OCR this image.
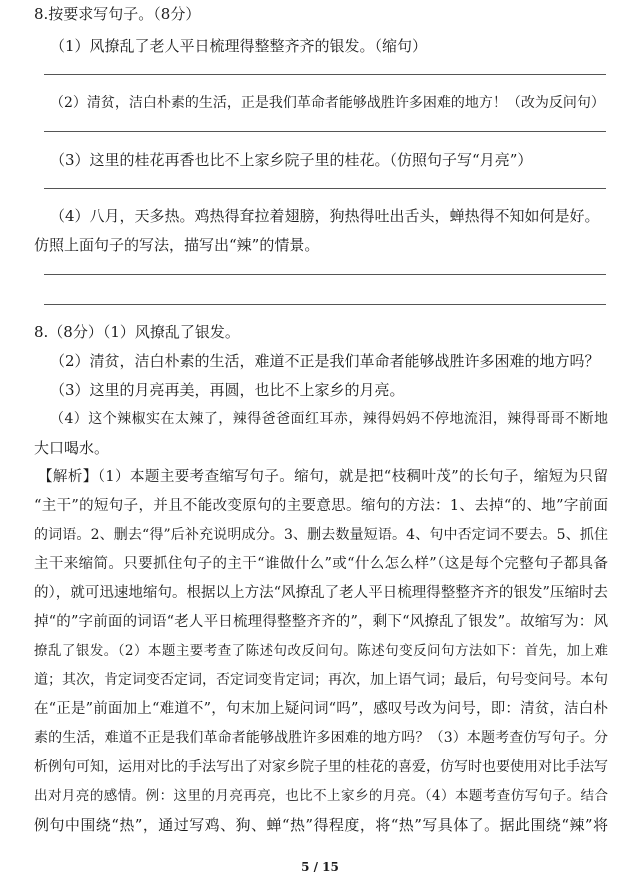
8.按要求写句子。（8分）
（1）风撩乱了老人平日梳理得整整齐齐的银发。（缩句）
（2）清贫，洁白朴素的生活，正是我们革命者能够战胜许多困难的地方！（改为反问句）
（3）这里的桂花再香也比不上家乡院子里的桂花。（仿照句子写“月亮”）
（4）八月，天多热。鸡热得耷拉着翅膀，狗热得吐出舌头，蝉热得不知如何是好。
仿照上面句子的写法，描写出“辣”的情景。
8.（8分）（1）风撩乱了银发。
（2）清贫，洁白朴素的生活，难道不正是我们革命者能够战胜许多困难的地方吗？
（3）这里的月亮再美，再圆，也比不上家乡的月亮。
（4）这个辣椒实在太辣了，辣得爸爸面红耳赤，辣得妈妈不停地流泪，辣得哥哥不断地
大口喝水。
【解析】（1）本题主要考查缩写句子。缩句，就是把“枝稠叶茂”的长句子，缩短为只留
“主干”的短句子，并且不能改变原句的主要意思。缩句的方法：1、去掉“的、地”字前面
的词语。2、删去“得”后补充说明成分。3、删去数量短语。4、句中否定词不要去。5、抓住
主干来缩简。只要抓住句子的主干“谁做什么”或“什么怎么样”（这是每个完整句子都具备
的），就可迅速地缩句。根据以上方法“风撩乱了老人平日梳理得整整齐齐的银发”压缩时去
掉“的”字前面的词语“老人平日梳理得整整齐齐的”，剩下“风撩乱了银发”。故缩写为：风
撩乱了银发。（2）本题主要考查了陈述句改反问句。陈述句变反问句方法如下：首先，加上难
道；其次，肯定词变否定词，否定词变肯定词；再次，加上语气词；最后，句号变问号。本句
在“正是”前面加上“难道不”，句末加上疑问词“吗”，感叹号改为问号，即：清贫，洁白朴
素的生活，难道不正是我们革命者能够战胜许多困难的地方吗？（3）本题考查仿写句子。分
析例句可知，运用对比的手法写出了对家乡院子里的桂花的喜爱，仿写时也要使用对比手法写
出对月亮的感情。例：这里的月亮再亮，也比不上家乡的月亮。（4）本题考查仿写句子。结合
例句中围绕“热”，通过写鸡、狗、蝉“热”得程度，将“热”写具体了。据此围绕“辣”将
5 / 15
